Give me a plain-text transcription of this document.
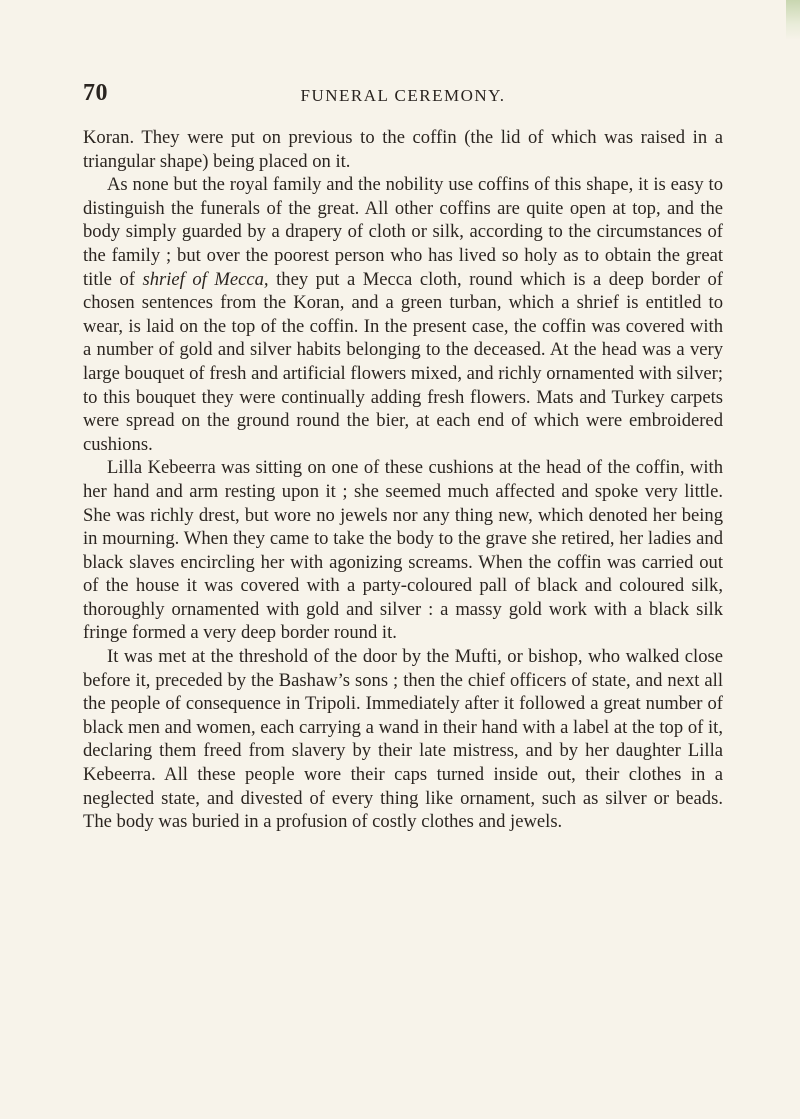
70	FUNERAL CEREMONY.

Koran. They were put on previous to the coffin (the lid of which was raised in a triangular shape) being placed on it.

As none but the royal family and the nobility use coffins of this shape, it is easy to distinguish the funerals of the great. All other coffins are quite open at top, and the body simply guarded by a drapery of cloth or silk, according to the circumstances of the family ; but over the poorest person who has lived so holy as to obtain the great title of shrief of Mecca, they put a Mecca cloth, round which is a deep border of chosen sentences from the Koran, and a green turban, which a shrief is entitled to wear, is laid on the top of the coffin. In the present case, the coffin was covered with a number of gold and silver habits belonging to the deceased. At the head was a very large bouquet of fresh and artificial flowers mixed, and richly ornamented with silver; to this bouquet they were continually adding fresh flowers. Mats and Turkey carpets were spread on the ground round the bier, at each end of which were embroidered cushions.

Lilla Kebeerra was sitting on one of these cushions at the head of the coffin, with her hand and arm resting upon it ; she seemed much affected and spoke very little. She was richly drest, but wore no jewels nor any thing new, which denoted her being in mourning. When they came to take the body to the grave she retired, her ladies and black slaves encircling her with agonizing screams. When the coffin was carried out of the house it was covered with a party-coloured pall of black and coloured silk, thoroughly ornamented with gold and silver : a massy gold work with a black silk fringe formed a very deep border round it.

It was met at the threshold of the door by the Mufti, or bishop, who walked close before it, preceded by the Bashaw’s sons ; then the chief officers of state, and next all the people of consequence in Tripoli. Immediately after it followed a great number of black men and women, each carrying a wand in their hand with a label at the top of it, declaring them freed from slavery by their late mistress, and by her daughter Lilla Kebeerra. All these people wore their caps turned inside out, their clothes in a neglected state, and divested of every thing like ornament, such as silver or beads. The body was buried in a profusion of costly clothes and jewels.
